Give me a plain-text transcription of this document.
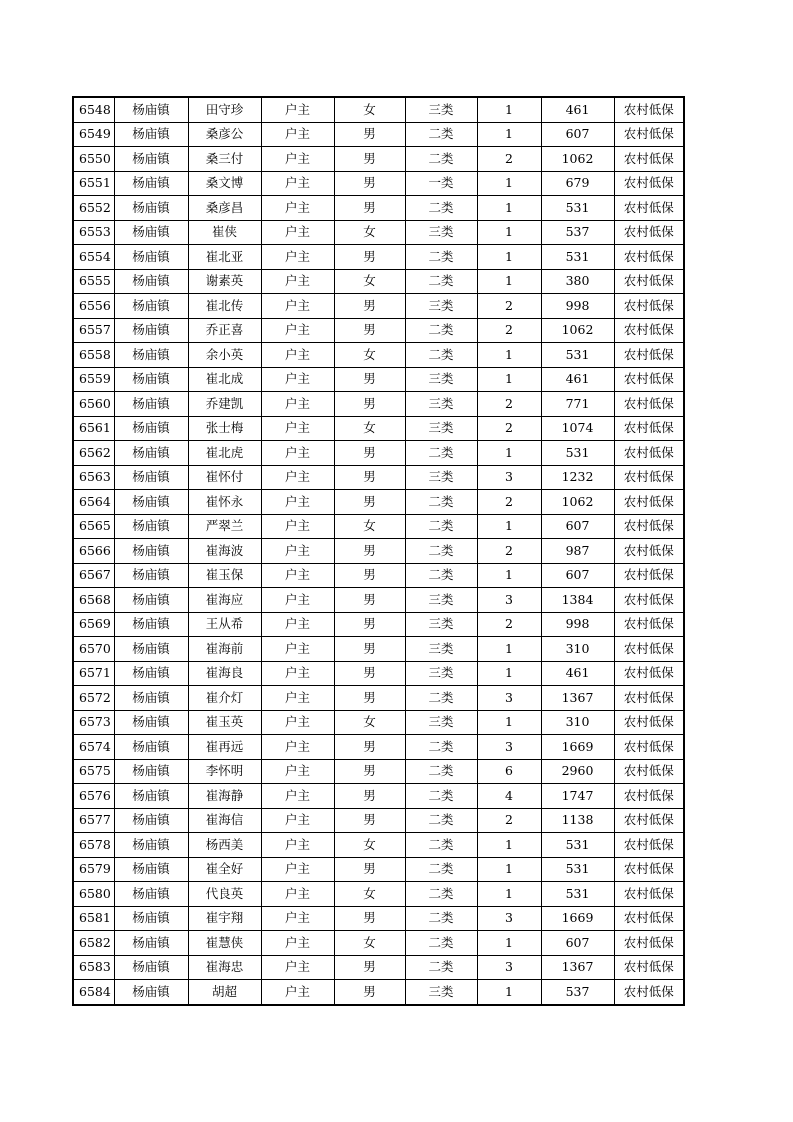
6548	杨庙镇	田守珍	户主	女	三类	1	461	农村低保
6549	杨庙镇	桑彦公	户主	男	二类	1	607	农村低保
6550	杨庙镇	桑三付	户主	男	二类	2	1062	农村低保
6551	杨庙镇	桑文博	户主	男	一类	1	679	农村低保
6552	杨庙镇	桑彦昌	户主	男	二类	1	531	农村低保
6553	杨庙镇	崔侠	户主	女	三类	1	537	农村低保
6554	杨庙镇	崔北亚	户主	男	二类	1	531	农村低保
6555	杨庙镇	谢素英	户主	女	二类	1	380	农村低保
6556	杨庙镇	崔北传	户主	男	三类	2	998	农村低保
6557	杨庙镇	乔正喜	户主	男	二类	2	1062	农村低保
6558	杨庙镇	余小英	户主	女	二类	1	531	农村低保
6559	杨庙镇	崔北成	户主	男	三类	1	461	农村低保
6560	杨庙镇	乔建凯	户主	男	三类	2	771	农村低保
6561	杨庙镇	张士梅	户主	女	三类	2	1074	农村低保
6562	杨庙镇	崔北虎	户主	男	二类	1	531	农村低保
6563	杨庙镇	崔怀付	户主	男	三类	3	1232	农村低保
6564	杨庙镇	崔怀永	户主	男	二类	2	1062	农村低保
6565	杨庙镇	严翠兰	户主	女	二类	1	607	农村低保
6566	杨庙镇	崔海波	户主	男	二类	2	987	农村低保
6567	杨庙镇	崔玉保	户主	男	二类	1	607	农村低保
6568	杨庙镇	崔海应	户主	男	三类	3	1384	农村低保
6569	杨庙镇	王从希	户主	男	三类	2	998	农村低保
6570	杨庙镇	崔海前	户主	男	三类	1	310	农村低保
6571	杨庙镇	崔海良	户主	男	三类	1	461	农村低保
6572	杨庙镇	崔介灯	户主	男	二类	3	1367	农村低保
6573	杨庙镇	崔玉英	户主	女	三类	1	310	农村低保
6574	杨庙镇	崔再远	户主	男	二类	3	1669	农村低保
6575	杨庙镇	李怀明	户主	男	二类	6	2960	农村低保
6576	杨庙镇	崔海静	户主	男	二类	4	1747	农村低保
6577	杨庙镇	崔海信	户主	男	二类	2	1138	农村低保
6578	杨庙镇	杨西美	户主	女	二类	1	531	农村低保
6579	杨庙镇	崔全好	户主	男	二类	1	531	农村低保
6580	杨庙镇	代良英	户主	女	二类	1	531	农村低保
6581	杨庙镇	崔宇翔	户主	男	二类	3	1669	农村低保
6582	杨庙镇	崔慧侠	户主	女	二类	1	607	农村低保
6583	杨庙镇	崔海忠	户主	男	二类	3	1367	农村低保
6584	杨庙镇	胡超	户主	男	三类	1	537	农村低保
